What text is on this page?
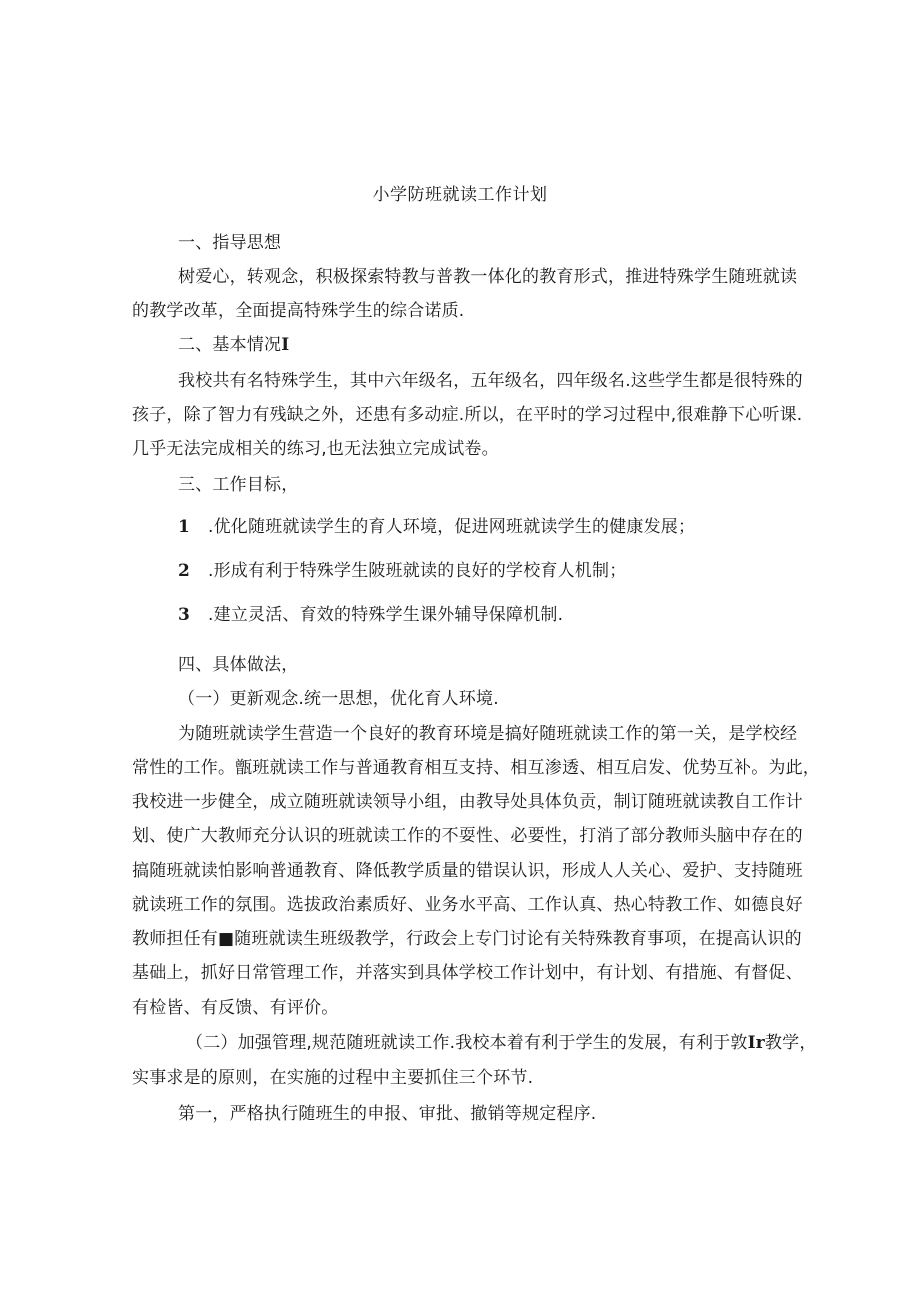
小学防班就读工作计划
一、指导思想
树爱心，转观念，积极探索特教与普教一体化的教育形式，推进特殊学生随班就读
的教学改革，全面提高特殊学生的综合诺质.
二、基本情况I
我校共有名特殊学生，其中六年级名，五年级名，四年级名.这些学生都是很特殊的
孩子，除了智力有残缺之外，还患有多动症.所以，在平时的学习过程中,很难静下心听课.
几乎无法完成相关的练习,也无法独立完成试卷。
三、工作目标，
1 .优化随班就读学生的育人环境，促进网班就读学生的健康发展；
2 .形成有利于特殊学生陂班就读的良好的学校育人机制；
3 .建立灵活、育效的特殊学生课外辅导保障机制.
四、具体做法，
（一）更新观念.统一思想，优化育人环境.
为随班就读学生营造一个良好的教育环境是搞好随班就读工作的第一关，是学校经
常性的工作。甑班就读工作与普通教育相互支持、相互渗透、相互启发、优势互补。为此，
我校进一步健全，成立随班就读领导小组，由教导处具体负贡，制订随班就读教自工作计
划、使广大教师充分认识的班就读工作的不耍性、必要性，打消了部分教师头脑中存在的
搞随班就读怕影响普通教育、降低教学质量的错误认识，形成人人关心、爱护、支持随班
就读班工作的氛围。选拔政治素质好、业务水平高、工作认真、热心特教工作、如德良好
教师担任有■随班就读生班级教学，行政会上专门讨论有关特殊教育事项，在提高认识的
基础上，抓好日常管理工作，并落实到具体学校工作计划中，有计划、有措施、有督促、
有检皆、有反馈、有评价。
（二）加强管理,规范随班就读工作.我校本着有利于学生的发展，有利于敦Ir教学，
实事求是的原则，在实施的过程中主要抓住三个环节.
第一，严格执行随班生的申报、审批、撤销等规定程序.
